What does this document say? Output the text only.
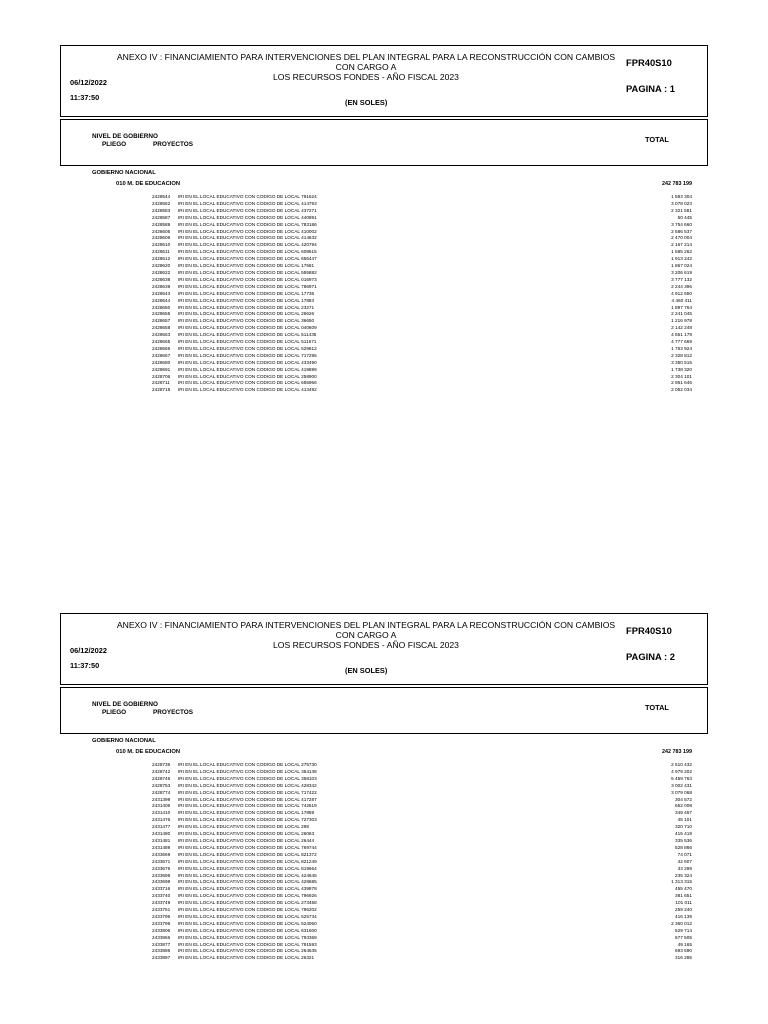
ANEXO IV : FINANCIAMIENTO PARA INTERVENCIONES DEL PLAN INTEGRAL PARA LA RECONSTRUCCIÓN CON CAMBIOS CON CARGO A
LOS RECURSOS FONDES - AÑO FISCAL 2023
FPR40S10
06/12/2022
11:37:50
PAGINA : 1
(EN SOLES)
NIVEL DE GOBIERNO
PLIEGO	PROYECTOS
TOTAL
GOBIERNO NACIONAL
010 M. DE EDUCACION	242 783 199
2428544 IRI EN EL LOCAL EDUCATIVO CON CODIGO DE LOCAL 791624	1 593 304
2428562 IRI EN EL LOCAL EDUCATIVO CON CODIGO DE LOCAL 414793	3 078 023
2428583 IRI EN EL LOCAL EDUCATIVO CON CODIGO DE LOCAL 437271	2 321 581
2428587 IRI EN EL LOCAL EDUCATIVO CON CODIGO DE LOCAL 440891	50 445
2428589 IRI EN EL LOCAL EDUCATIVO CON CODIGO DE LOCAL 783186	3 754 660
2428605 IRI EN EL LOCAL EDUCATIVO CON CODIGO DE LOCAL 410002	2 586 537
2428606 IRI EN EL LOCAL EDUCATIVO CON CODIGO DE LOCAL 414632	2 470 004
2428610 IRI EN EL LOCAL EDUCATIVO CON CODIGO DE LOCAL 420794	2 167 214
2428611 IRI EN EL LOCAL EDUCATIVO CON CODIGO DE LOCAL 608615	1 685 262
2428612 IRI EN EL LOCAL EDUCATIVO CON CODIGO DE LOCAL 656447	1 913 242
2428620 IRI EN EL LOCAL EDUCATIVO CON CODIGO DE LOCAL 17581	1 867 024
2428622 IRI EN EL LOCAL EDUCATIVO CON CODIGO DE LOCAL 555882	3 206 619
2428638 IRI EN EL LOCAL EDUCATIVO CON CODIGO DE LOCAL 016973	3 777 132
2428639 IRI EN EL LOCAL EDUCATIVO CON CODIGO DE LOCAL 786971	2 244 396
2428643 IRI EN EL LOCAL EDUCATIVO CON CODIGO DE LOCAL 17736	4 912 650
2428644 IRI EN EL LOCAL EDUCATIVO CON CODIGO DE LOCAL 17883	4 460 411
2428650 IRI EN EL LOCAL EDUCATIVO CON CODIGO DE LOCAL 23271	1 897 764
2428655 IRI EN EL LOCAL EDUCATIVO CON CODIGO DE LOCAL 26626	2 241 045
2428657 IRI EN EL LOCAL EDUCATIVO CON CODIGO DE LOCAL 36650	1 216 978
2428658 IRI EN EL LOCAL EDUCATIVO CON CODIGO DE LOCAL 040609	2 142 248
2428663 IRI EN EL LOCAL EDUCATIVO CON CODIGO DE LOCAL 511435	4 551 179
2428665 IRI EN EL LOCAL EDUCATIVO CON CODIGO DE LOCAL 511671	4 777 669
2428666 IRI EN EL LOCAL EDUCATIVO CON CODIGO DE LOCAL 529812	1 753 924
2428667 IRI EN EL LOCAL EDUCATIVO CON CODIGO DE LOCAL 717295	2 328 812
2428680 IRI EN EL LOCAL EDUCATIVO CON CODIGO DE LOCAL 433490	3 350 515
2428691 IRI EN EL LOCAL EDUCATIVO CON CODIGO DE LOCAL 419899	1 738 320
2428706 IRI EN EL LOCAL EDUCATIVO CON CODIGO DE LOCAL 258900	2 304 101
2428711 IRI EN EL LOCAL EDUCATIVO CON CODIGO DE LOCAL 665966	2 951 646
2428718 IRI EN EL LOCAL EDUCATIVO CON CODIGO DE LOCAL 413492	2 052 034
ANEXO IV : FINANCIAMIENTO PARA INTERVENCIONES DEL PLAN INTEGRAL PARA LA RECONSTRUCCIÓN CON CAMBIOS CON CARGO A
LOS RECURSOS FONDES - AÑO FISCAL 2023
FPR40S10
06/12/2022
11:37:50
PAGINA : 2
(EN SOLES)
NIVEL DE GOBIERNO
PLIEGO	PROYECTOS
TOTAL
GOBIERNO NACIONAL
010 M. DE EDUCACION	242 783 199
2428736 IRI EN EL LOCAL EDUCATIVO CON CODIGO DE LOCAL 275730	2 510 432
2428742 IRI EN EL LOCAL EDUCATIVO CON CODIGO DE LOCAL 354138	4 979 202
2428746 IRI EN EL LOCAL EDUCATIVO CON CODIGO DE LOCAL 358103	5 459 763
2428753 IRI EN EL LOCAL EDUCATIVO CON CODIGO DE LOCAL 428342	3 002 431
2428774 IRI EN EL LOCAL EDUCATIVO CON CODIGO DE LOCAL 717422	3 079 068
2431399 IRI EN EL LOCAL EDUCATIVO CON CODIGO DE LOCAL 417287	304 572
2431406 IRI EN EL LOCAL EDUCATIVO CON CODIGO DE LOCAL 742619	652 008
2431410 IRI EN EL LOCAL EDUCATIVO CON CODIGO DE LOCAL 17859	349 467
2431476 IRI EN EL LOCAL EDUCATIVO CON CODIGO DE LOCAL 727303	45 101
2431477 IRI EN EL LOCAL EDUCATIVO CON CODIGO DE LOCAL 298	320 710
2431480 IRI EN EL LOCAL EDUCATIVO CON CODIGO DE LOCAL 26063	415 419
2431481 IRI EN EL LOCAL EDUCATIVO CON CODIGO DE LOCAL 26444	335 536
2431489 IRI EN EL LOCAL EDUCATIVO CON CODIGO DE LOCAL 769744	528 866
2433669 IRI EN EL LOCAL EDUCATIVO CON CODIGO DE LOCAL 821372	74 071
2433671 IRI EN EL LOCAL EDUCATIVO CON CODIGO DE LOCAL 821249	42 607
2433676 IRI EN EL LOCAL EDUCATIVO CON CODIGO DE LOCAL 819664	33 299
2433698 IRI EN EL LOCAL EDUCATIVO CON CODIGO DE LOCAL 424645	235 324
2433699 IRI EN EL LOCAL EDUCATIVO CON CODIGO DE LOCAL 428685	1 313 315
2433716 IRI EN EL LOCAL EDUCATIVO CON CODIGO DE LOCAL 439878	455 470
2433740 IRI EN EL LOCAL EDUCATIVO CON CODIGO DE LOCAL 796926	381 651
2433749 IRI EN EL LOCAL EDUCATIVO CON CODIGO DE LOCAL 273458	101 011
2433751 IRI EN EL LOCAL EDUCATIVO CON CODIGO DE LOCAL 796202	259 240
2433796 IRI EN EL LOCAL EDUCATIVO CON CODIGO DE LOCAL 525734	416 139
2433799 IRI EN EL LOCAL EDUCATIVO CON CODIGO DE LOCAL 524060	2 360 012
2433806 IRI EN EL LOCAL EDUCATIVO CON CODIGO DE LOCAL 631600	529 714
2433866 IRI EN EL LOCAL EDUCATIVO CON CODIGO DE LOCAL 793369	677 505
2433877 IRI EN EL LOCAL EDUCATIVO CON CODIGO DE LOCAL 791593	49 165
2433886 IRI EN EL LOCAL EDUCATIVO CON CODIGO DE LOCAL 264635	693 690
2433897 IRI EN EL LOCAL EDUCATIVO CON CODIGO DE LOCAL 26321	316 285
